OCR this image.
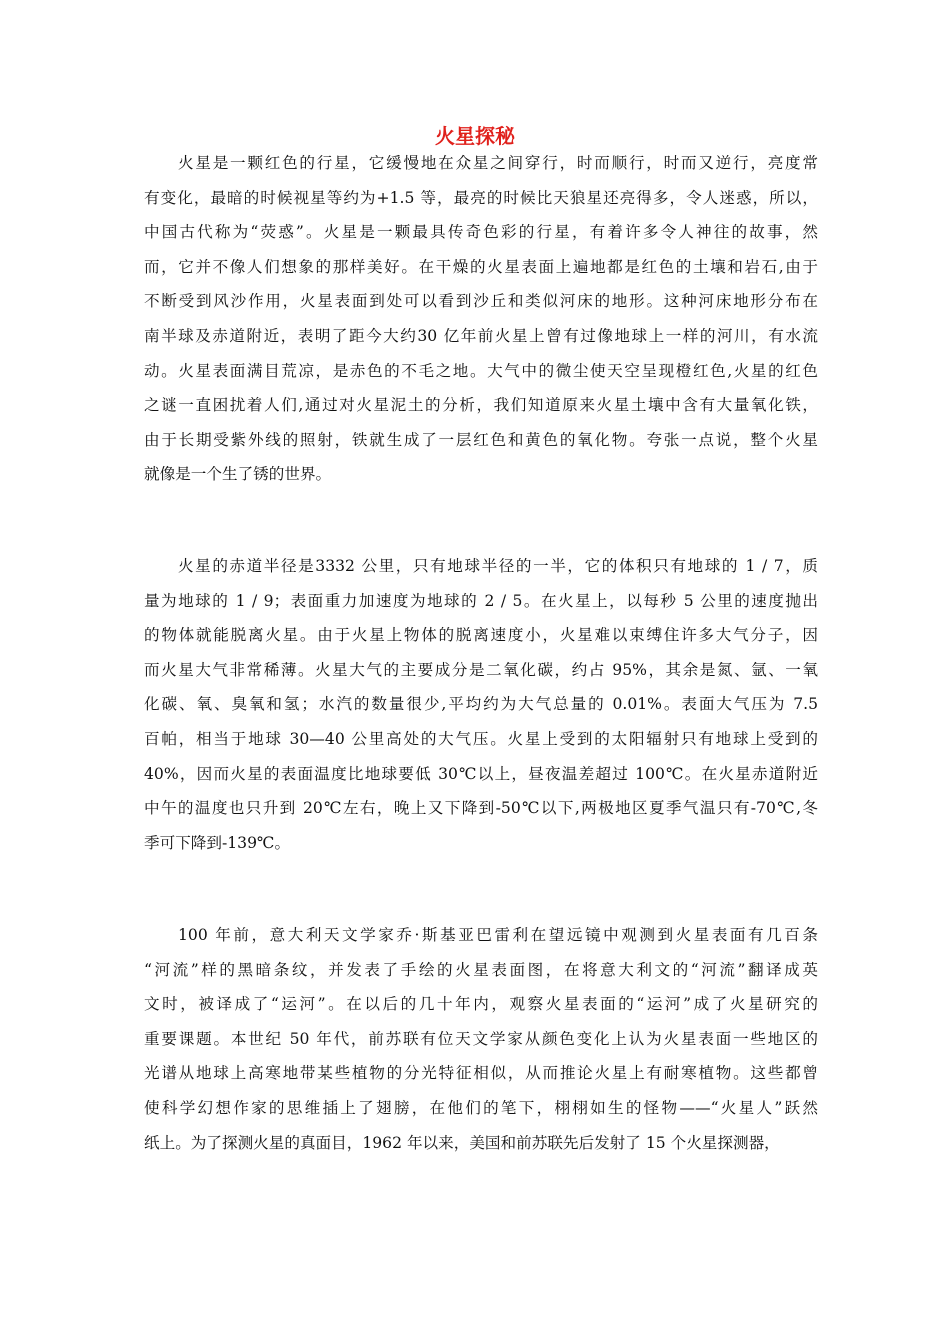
火星探秘
火星是一颗红色的行星，它缓慢地在众星之间穿行，时而顺行，时而又逆行，亮度常
有变化，最暗的时候视星等约为+1.5 等，最亮的时候比天狼星还亮得多，令人迷惑，所以，
中国古代称为“荧惑”。火星是一颗最具传奇色彩的行星，有着许多令人神往的故事，然
而，它并不像人们想象的那样美好。在干燥的火星表面上遍地都是红色的土壤和岩石,由于
不断受到风沙作用，火星表面到处可以看到沙丘和类似河床的地形。这种河床地形分布在
南半球及赤道附近，表明了距今大约30 亿年前火星上曾有过像地球上一样的河川，有水流
动。火星表面满目荒凉，是赤色的不毛之地。大气中的微尘使天空呈现橙红色,火星的红色
之谜一直困扰着人们,通过对火星泥土的分析，我们知道原来火星土壤中含有大量氧化铁，
由于长期受紫外线的照射，铁就生成了一层红色和黄色的氧化物。夸张一点说，整个火星
就像是一个生了锈的世界。
火星的赤道半径是3332 公里，只有地球半径的一半，它的体积只有地球的 1 / 7，质
量为地球的 1 / 9；表面重力加速度为地球的 2 / 5。在火星上，以每秒 5 公里的速度抛出
的物体就能脱离火星。由于火星上物体的脱离速度小，火星难以束缚住许多大气分子，因
而火星大气非常稀薄。火星大气的主要成分是二氧化碳，约占 95%，其余是氮、氩、一氧
化碳、氧、臭氧和氢；水汽的数量很少,平均约为大气总量的 0.01%。表面大气压为 7.5
百帕，相当于地球 30—40 公里高处的大气压。火星上受到的太阳辐射只有地球上受到的
40%，因而火星的表面温度比地球要低 30℃以上，昼夜温差超过 100℃。在火星赤道附近
中午的温度也只升到 20℃左右，晚上又下降到-50℃以下,两极地区夏季气温只有-70℃,冬
季可下降到-139℃。
100 年前，意大利天文学家乔·斯基亚巴雷利在望远镜中观测到火星表面有几百条
“河流”样的黑暗条纹，并发表了手绘的火星表面图，在将意大利文的“河流”翻译成英
文时，被译成了“运河”。在以后的几十年内，观察火星表面的“运河”成了火星研究的
重要课题。本世纪 50 年代，前苏联有位天文学家从颜色变化上认为火星表面一些地区的
光谱从地球上高寒地带某些植物的分光特征相似，从而推论火星上有耐寒植物。这些都曾
使科学幻想作家的思维插上了翅膀，在他们的笔下，栩栩如生的怪物——“火星人”跃然
纸上。为了探测火星的真面目，1962 年以来，美国和前苏联先后发射了 15 个火星探测器，
